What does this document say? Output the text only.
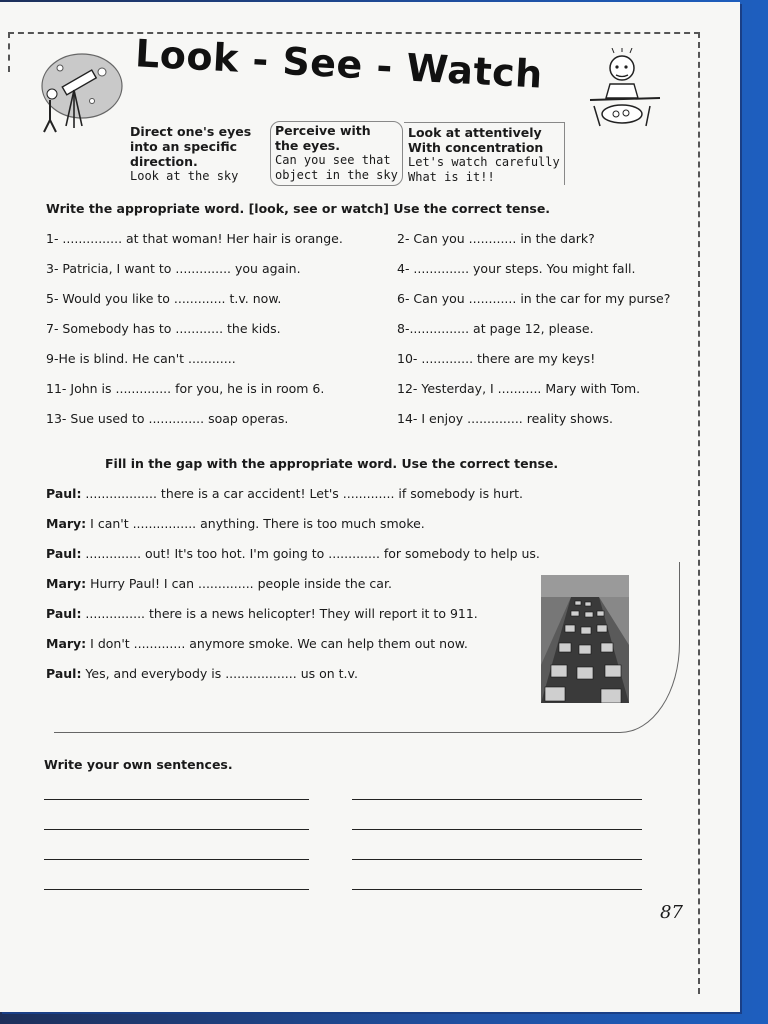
Look - See - Watch
Direct one's eyes
into an specific
direction.
Look at the sky
Perceive with
the eyes.
Can you see that
object in the sky
Look at attentively
With concentration
Let's watch carefully
What is it!!
Write the appropriate word. [look, see or watch] Use the correct tense.
1- ............... at that woman! Her hair is orange.
3- Patricia, I want to .............. you again.
5- Would you like to ............. t.v. now.
7- Somebody has to ............ the kids.
9-He is blind. He can't ............
11- John is .............. for you, he is in room 6.
13- Sue used to .............. soap operas.
2- Can you ............ in the dark?
4- .............. your steps. You might fall.
6- Can you ............ in the car for my purse?
8-............... at page 12, please.
10- ............. there are my keys!
12- Yesterday, I ........... Mary with Tom.
14- I enjoy .............. reality shows.
Fill in the gap with the appropriate word. Use the correct tense.
Paul: .................. there is a car accident! Let's ............. if somebody is hurt.
Mary: I can't ................ anything. There is too much smoke.
Paul: .............. out! It's too hot. I'm going to ............. for somebody to help us.
Mary: Hurry Paul! I can .............. people inside the car.
Paul: ............... there is a news helicopter! They will report it to 911.
Mary: I don't ............. anymore smoke. We can help them out now.
Paul: Yes, and everybody is .................. us on t.v.
Write your own sentences.
87
